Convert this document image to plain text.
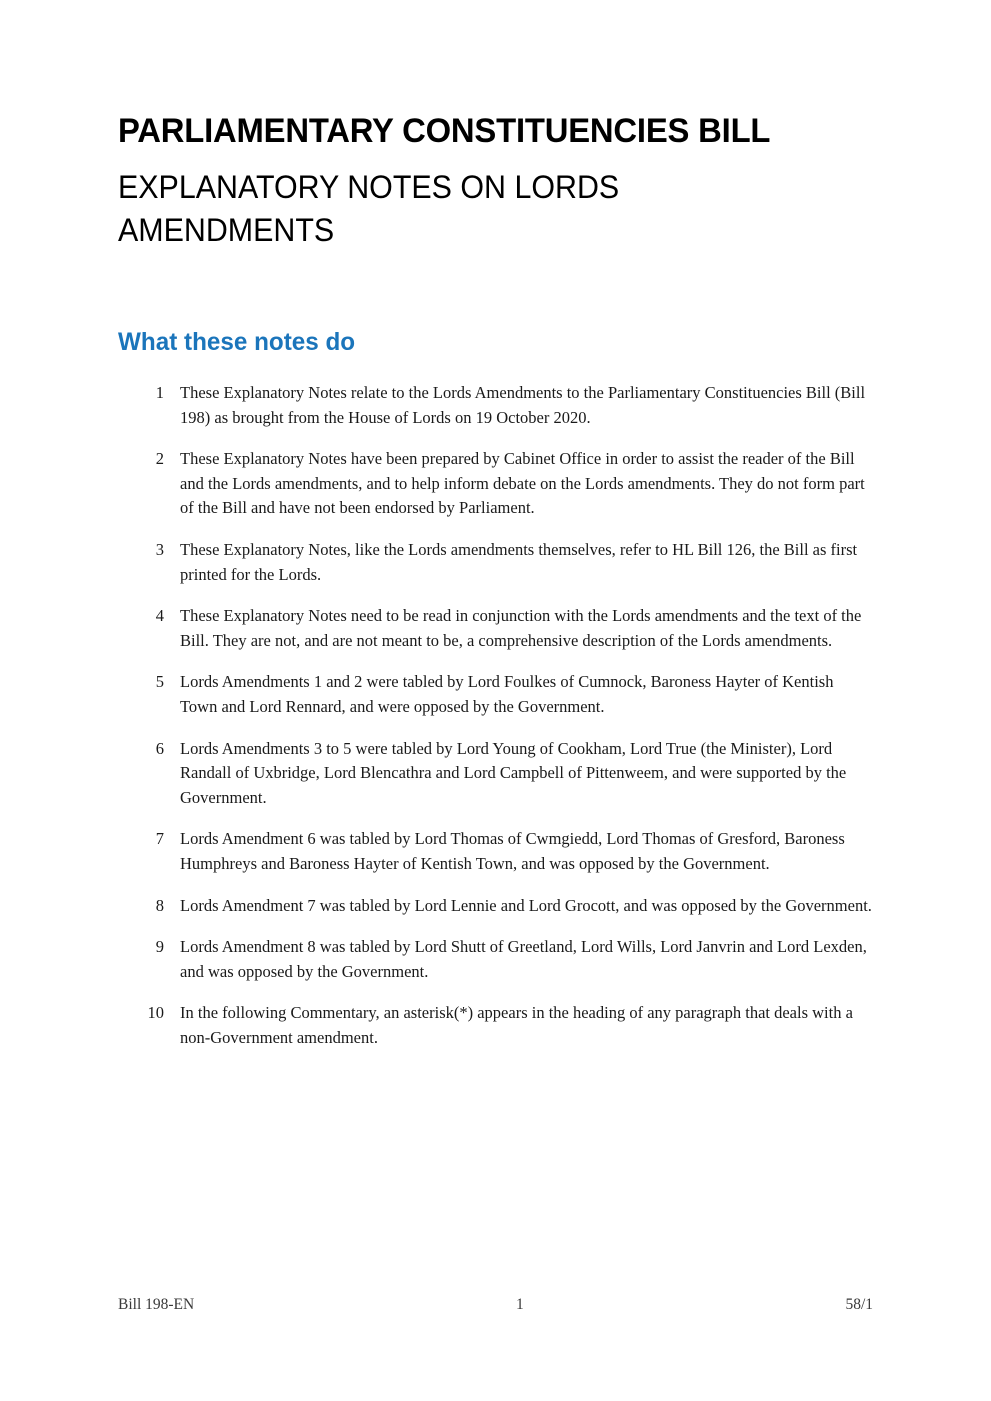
PARLIAMENTARY CONSTITUENCIES BILL
EXPLANATORY NOTES ON LORDS AMENDMENTS
What these notes do
1 These Explanatory Notes relate to the Lords Amendments to the Parliamentary Constituencies Bill (Bill 198) as brought from the House of Lords on 19 October 2020.
2 These Explanatory Notes have been prepared by Cabinet Office in order to assist the reader of the Bill and the Lords amendments, and to help inform debate on the Lords amendments. They do not form part of the Bill and have not been endorsed by Parliament.
3 These Explanatory Notes, like the Lords amendments themselves, refer to HL Bill 126, the Bill as first printed for the Lords.
4 These Explanatory Notes need to be read in conjunction with the Lords amendments and the text of the Bill. They are not, and are not meant to be, a comprehensive description of the Lords amendments.
5 Lords Amendments 1 and 2 were tabled by Lord Foulkes of Cumnock, Baroness Hayter of Kentish Town and Lord Rennard, and were opposed by the Government.
6 Lords Amendments 3 to 5 were tabled by Lord Young of Cookham, Lord True (the Minister), Lord Randall of Uxbridge, Lord Blencathra and Lord Campbell of Pittenweem, and were supported by the Government.
7 Lords Amendment 6 was tabled by Lord Thomas of Cwmgiedd, Lord Thomas of Gresford, Baroness Humphreys and Baroness Hayter of Kentish Town, and was opposed by the Government.
8 Lords Amendment 7 was tabled by Lord Lennie and Lord Grocott, and was opposed by the Government.
9 Lords Amendment 8 was tabled by Lord Shutt of Greetland, Lord Wills, Lord Janvrin and Lord Lexden, and was opposed by the Government.
10 In the following Commentary, an asterisk(*) appears in the heading of any paragraph that deals with a non-Government amendment.
Bill 198-EN	1	58/1
